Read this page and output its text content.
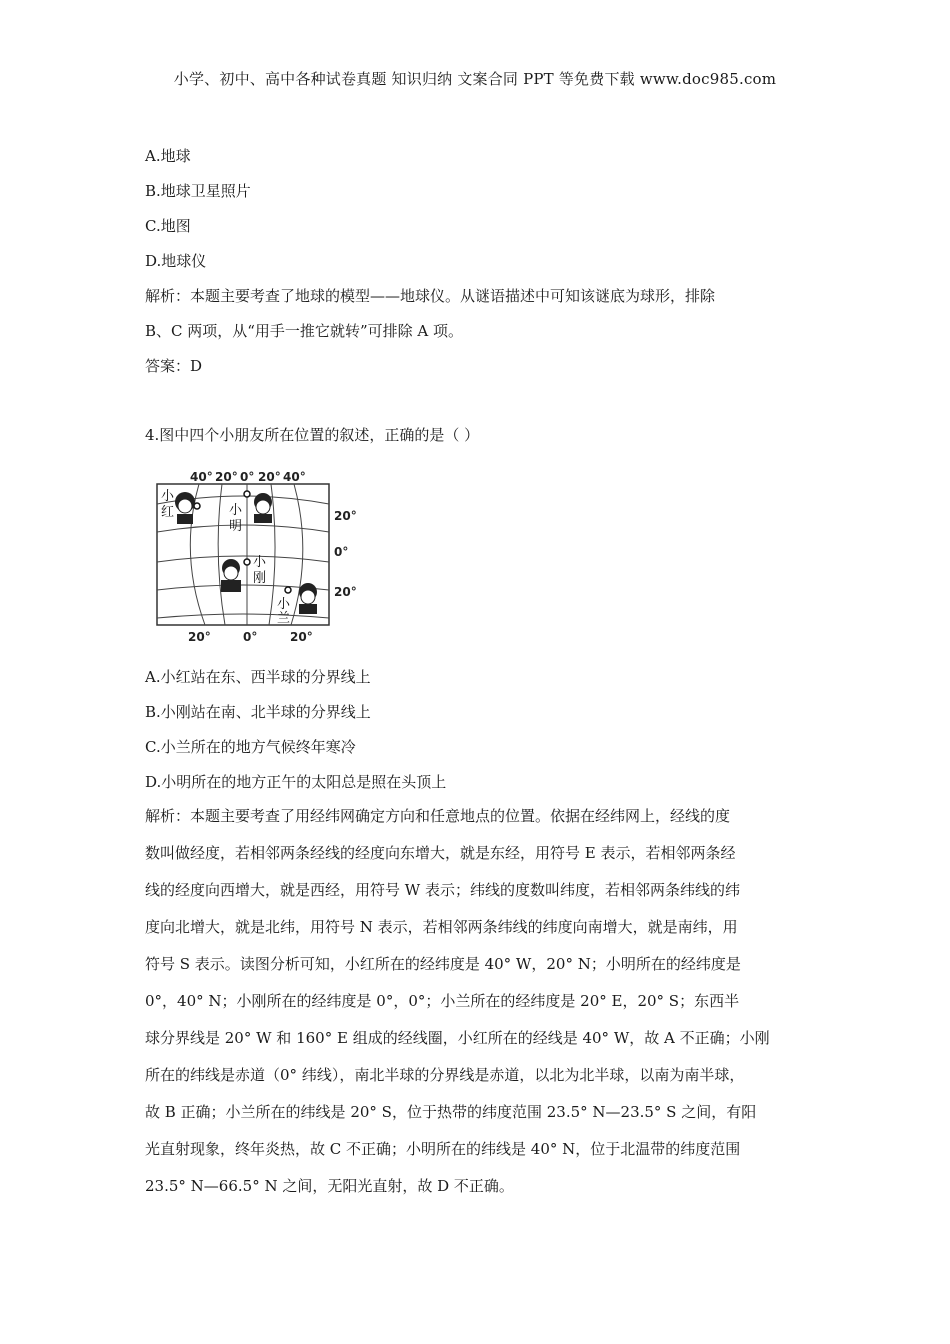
小学、初中、高中各种试卷真题 知识归纳 文案合同 PPT 等免费下载 www.doc985.com
A.地球
B.地球卫星照片
C.地图
D.地球仪
解析：本题主要考查了地球的模型——地球仪。从谜语描述中可知该谜底为球形，排除
B、C 两项，从“用手一推它就转”可排除 A 项。
答案：D
4.图中四个小朋友所在位置的叙述，正确的是（ ）
40° 20° 0° 20° 40°
20°
0°
20°
20°	0°	20°
小
红	小
明
小
刚
小
兰
A.小红站在东、西半球的分界线上
B.小刚站在南、北半球的分界线上
C.小兰所在的地方气候终年寒冷
D.小明所在的地方正午的太阳总是照在头顶上
解析：本题主要考查了用经纬网确定方向和任意地点的位置。依据在经纬网上，经线的度
数叫做经度，若相邻两条经线的经度向东增大，就是东经，用符号 E 表示，若相邻两条经
线的经度向西增大，就是西经，用符号 W 表示；纬线的度数叫纬度，若相邻两条纬线的纬
度向北增大，就是北纬，用符号 N 表示，若相邻两条纬线的纬度向南增大，就是南纬，用
符号 S 表示。读图分析可知，小红所在的经纬度是 40° W，20° N；小明所在的经纬度是
0°，40° N；小刚所在的经纬度是 0°，0°；小兰所在的经纬度是 20° E，20° S；东西半
球分界线是 20° W 和 160° E 组成的经线圈，小红所在的经线是 40° W，故 A 不正确；小刚
所在的纬线是赤道（0° 纬线），南北半球的分界线是赤道，以北为北半球，以南为南半球，
故 B 正确；小兰所在的纬线是 20° S，位于热带的纬度范围 23.5° N—23.5° S 之间，有阳
光直射现象，终年炎热，故 C 不正确；小明所在的纬线是 40° N，位于北温带的纬度范围
23.5° N—66.5° N 之间，无阳光直射，故 D 不正确。
